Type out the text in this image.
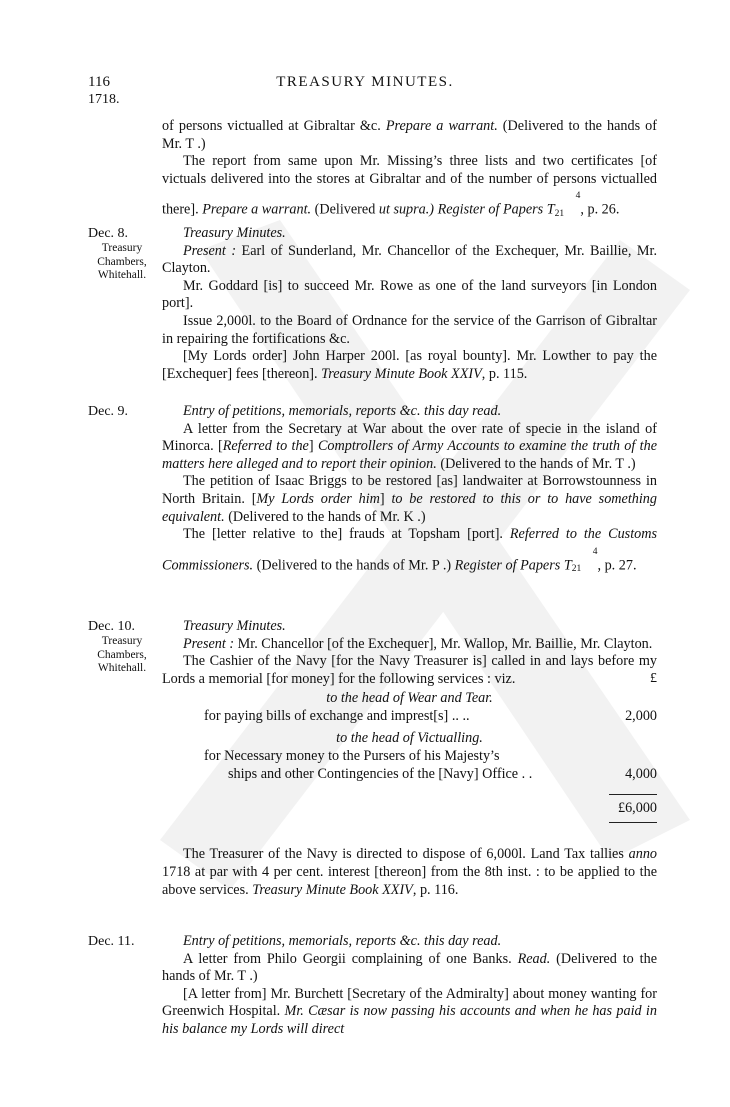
116	TREASURY MINUTES.
1718.

of persons victualled at Gibraltar &c. Prepare a warrant. (Delivered to the hands of Mr. T .)

The report from same upon Mr. Missing’s three lists and two certificates [of victuals delivered into the stores at Gibraltar and of the number of persons victualled there]. Prepare a warrant. (Delivered ut supra.) Register of Papers T4
21 , p. 26.

Dec. 8.
Treasury
Chambers,
Whitehall.

Treasury Minutes.

Present : Earl of Sunderland, Mr. Chancellor of the Exchequer, Mr. Baillie, Mr. Clayton.

Mr. Goddard [is] to succeed Mr. Rowe as one of the land surveyors [in London port].

Issue 2,000l. to the Board of Ordnance for the service of the Garrison of Gibraltar in repairing the fortifications &c.

[My Lords order] John Harper 200l. [as royal bounty]. Mr. Lowther to pay the [Exchequer] fees [thereon]. Treasury Minute Book XXIV, p. 115.

Dec. 9.	Entry of petitions, memorials, reports &c. this day read.

A letter from the Secretary at War about the over rate of specie in the island of Minorca. [Referred to the] Comptrollers of Army Accounts to examine the truth of the matters here alleged and to report their opinion. (Delivered to the hands of Mr. T .)

The petition of Isaac Briggs to be restored [as] landwaiter at Borrowstounness in North Britain. [My Lords order him] to be restored to this or to have something equivalent. (Delivered to the hands of Mr. K .)

The [letter relative to the] frauds at Topsham [port]. Referred to the Customs Commissioners. (Delivered to the hands of Mr. P .) Register of Papers T4
21 , p. 27.

Dec. 10.
Treasury
Chambers,
Whitehall.

Treasury Minutes.

Present : Mr. Chancellor [of the Exchequer], Mr. Wallop, Mr. Baillie, Mr. Clayton.

The Cashier of the Navy [for the Navy Treasurer is] called in and lays before my Lords a memorial [for money] for the following services : viz.	£
to the head of Wear and Tear.
for paying bills of exchange and imprest[s] .. ..	2,000
to the head of Victualling.
for Necessary money to the Pursers of his Majesty’s
ships and other Contingencies of the [Navy] Office . .	4,000
£6,000

The Treasurer of the Navy is directed to dispose of 6,000l. Land Tax tallies anno 1718 at par with 4 per cent. interest [thereon] from the 8th inst. : to be applied to the above services. Treasury Minute Book XXIV, p. 116.

Dec. 11.	Entry of petitions, memorials, reports &c. this day read.

A letter from Philo Georgii complaining of one Banks. Read. (Delivered to the hands of Mr. T .)

[A letter from] Mr. Burchett [Secretary of the Admiralty] about money wanting for Greenwich Hospital. Mr. Cæsar is now passing his accounts and when he has paid in his balance my Lords will direct
